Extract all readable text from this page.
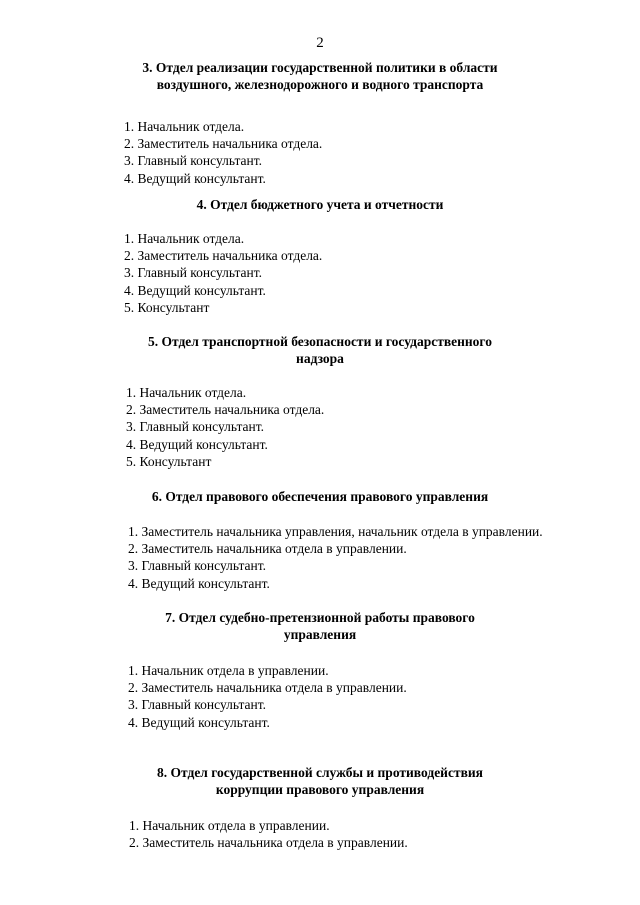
2
3. Отдел реализации государственной политики в области
воздушного, железнодорожного и водного транспорта
1. Начальник отдела.
2. Заместитель начальника отдела.
3. Главный консультант.
4. Ведущий консультант.
4. Отдел бюджетного учета и отчетности
1. Начальник отдела.
2. Заместитель начальника отдела.
3. Главный консультант.
4. Ведущий консультант.
5. Консультант
5. Отдел транспортной безопасности и государственного
надзора
1. Начальник отдела.
2. Заместитель начальника отдела.
3. Главный консультант.
4. Ведущий консультант.
5. Консультант
6. Отдел правового обеспечения правового управления
1. Заместитель начальника управления, начальник отдела в управлении.
2. Заместитель начальника отдела в управлении.
3. Главный консультант.
4. Ведущий консультант.
7. Отдел судебно-претензионной работы правового
управления
1. Начальник отдела в управлении.
2. Заместитель начальника отдела в управлении.
3. Главный консультант.
4. Ведущий консультант.
8. Отдел государственной службы и противодействия
коррупции правового управления
1. Начальник отдела в управлении.
2. Заместитель начальника отдела в управлении.
